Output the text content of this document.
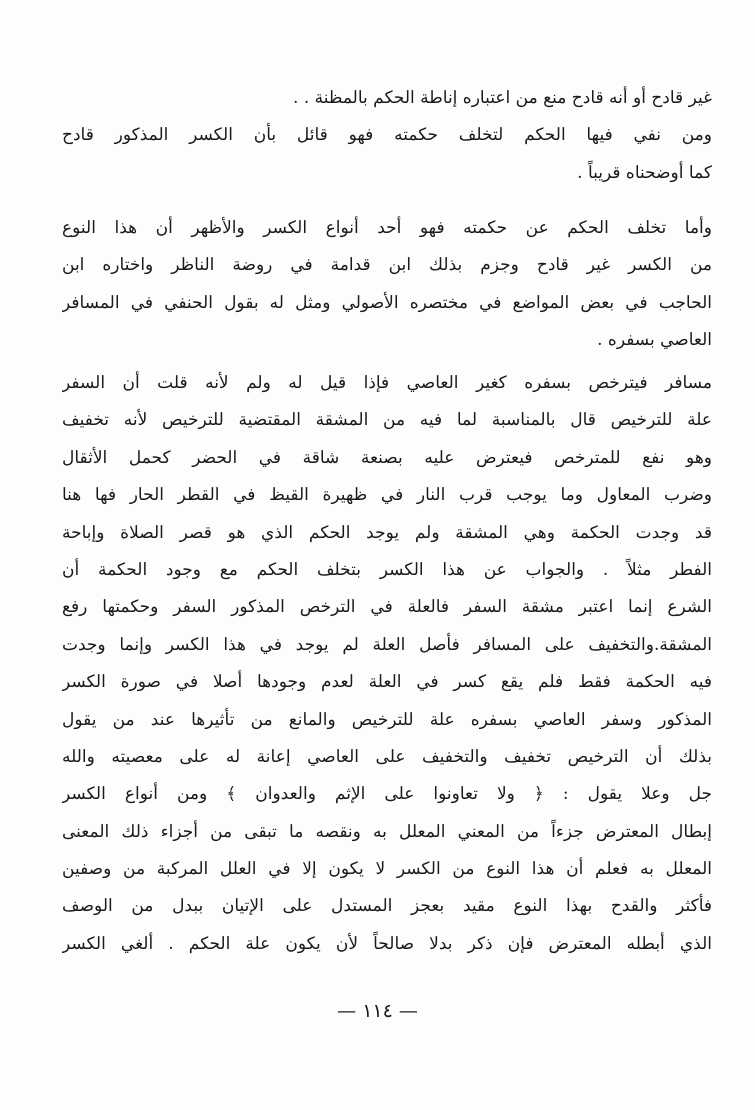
غير قادح أو أنه قادح منع من اعتباره إناطة الحكم بالمظنة . .
ومن نفي فيها الحكم لتخلف حكمته فهو قائل بأن الكسر المذكور قادح
كما أوضحناه قريباً .
وأما تخلف الحكم عن حكمته فهو أحد أنواع الكسر والأظهر أن هذا النوع
من الكسر غير قادح وجزم بذلك ابن قدامة في روضة الناظر واختاره ابن
الحاجب في بعض المواضع في مختصره الأصولي ومثل له بقول الحنفي في المسافر
العاصي بسفره .
مسافر فيترخص بسفره كغير العاصي فإذا قيل له ولم لأنه قلت أن السفر
علة للترخيص قال بالمناسبة لما فيه من المشقة المقتضية للترخيص لأنه تخفيف
وهو نفع للمترخص فيعترض عليه بصنعة شاقة في الحضر كحمل الأثقال
وضرب المعاول وما يوجب قرب النار في ظهيرة القيظ في القطر الحار فها هنا
قد وجدت الحكمة وهي المشقة ولم يوجد الحكم الذي هو قصر الصلاة وإباحة
الفطر مثلاً . والجواب عن هذا الكسر بتخلف الحكم مع وجود الحكمة أن
الشرع إنما اعتبر مشقة السفر فالعلة في الترخص المذكور السفر وحكمتها رفع
المشقة.والتخفيف على المسافر فأصل العلة لم يوجد في هذا الكسر وإنما وجدت
فيه الحكمة فقط فلم يقع كسر في العلة لعدم وجودها أصلا في صورة الكسر
المذكور وسفر العاصي بسفره علة للترخيص والمانع من تأثيرها عند من يقول
بذلك أن الترخيص تخفيف والتخفيف على العاصي إعانة له على معصيته والله
جل وعلا يقول : ﴿ ولا تعاونوا على الإثم والعدوان ﴾ ومن أنواع الكسر
إبطال المعترض جزءاً من المعني المعلل به ونقصه ما تبقى من أجزاء ذلك المعنى
المعلل به فعلم أن هذا النوع من الكسر لا يكون إلا في العلل المركبة من وصفين
فأكثر والقدح بهذا النوع مقيد بعجز المستدل على الإتيان ببدل من الوصف
الذي أبطله المعترض فإن ذكر بدلا صالحاً لأن يكون علة الحكم . ألغي الكسر
— ١١٤ —
